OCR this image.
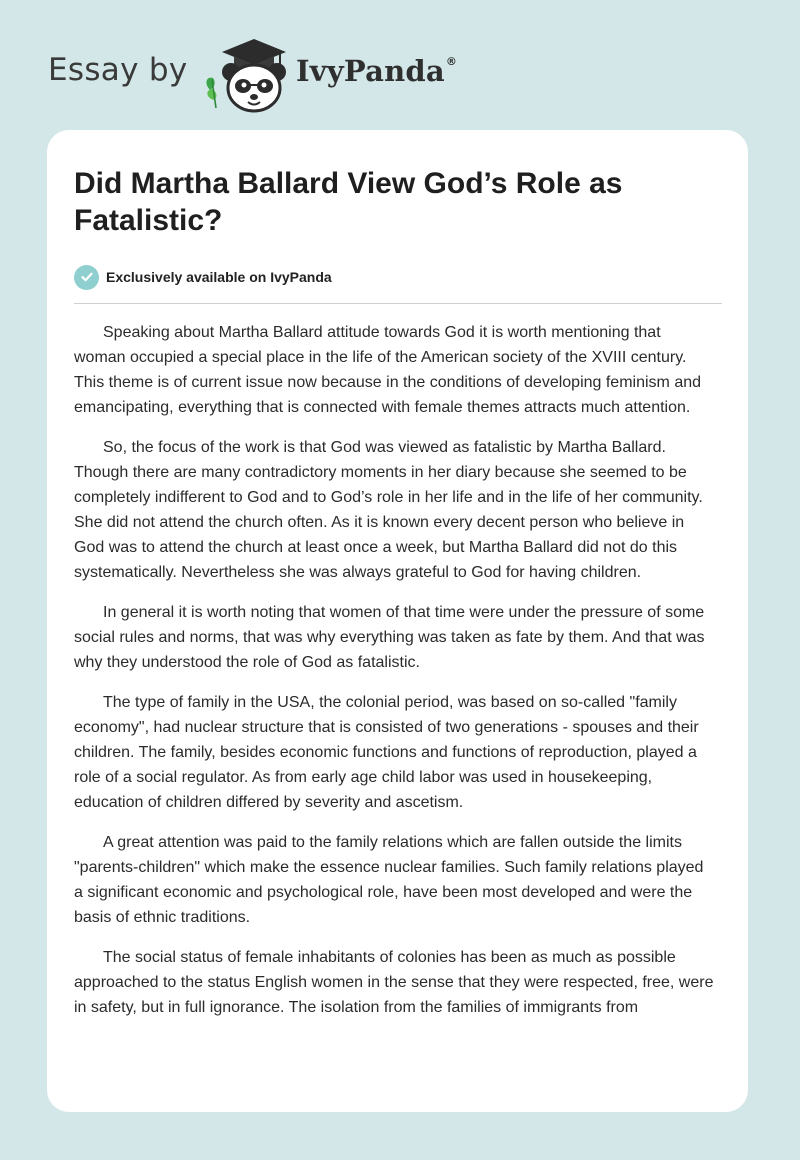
Essay by	IvyPanda®
Did Martha Ballard View God’s Role as Fatalistic?
Exclusively available on IvyPanda

Speaking about Martha Ballard attitude towards God it is worth mentioning that woman occupied a special place in the life of the American society of the XVIII century. This theme is of current issue now because in the conditions of developing feminism and emancipating, everything that is connected with female themes attracts much attention.

So, the focus of the work is that God was viewed as fatalistic by Martha Ballard. Though there are many contradictory moments in her diary because she seemed to be completely indifferent to God and to God’s role in her life and in the life of her community. She did not attend the church often. As it is known every decent person who believe in God was to attend the church at least once a week, but Martha Ballard did not do this systematically. Nevertheless she was always grateful to God for having children.

In general it is worth noting that women of that time were under the pressure of some social rules and norms, that was why everything was taken as fate by them. And that was why they understood the role of God as fatalistic.

The type of family in the USA, the colonial period, was based on so-called "family economy", had nuclear structure that is consisted of two generations - spouses and their children. The family, besides economic functions and functions of reproduction, played a role of a social regulator. As from early age child labor was used in housekeeping, education of children differed by severity and ascetism.

A great attention was paid to the family relations which are fallen outside the limits "parents-children" which make the essence nuclear families. Such family relations played a significant economic and psychological role, have been most developed and were the basis of ethnic traditions.

The social status of female inhabitants of colonies has been as much as possible approached to the status English women in the sense that they were respected, free, were in safety, but in full ignorance. The isolation from the families of immigrants from
